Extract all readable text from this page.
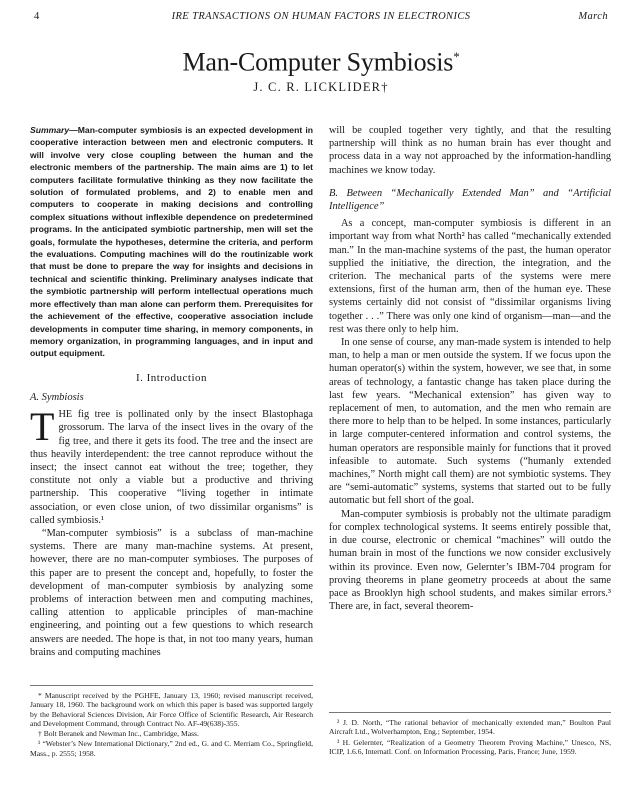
4	IRE TRANSACTIONS ON HUMAN FACTORS IN ELECTRONICS	March
Man-Computer Symbiosis*
J. C. R. LICKLIDER†

Summary—Man-computer symbiosis is an expected development in cooperative interaction between men and electronic computers. It will involve very close coupling between the human and the electronic members of the partnership. The main aims are 1) to let computers facilitate formulative thinking as they now facilitate the solution of formulated problems, and 2) to enable men and computers to cooperate in making decisions and controlling complex situations without inflexible dependence on predetermined programs. In the anticipated symbiotic partnership, men will set the goals, formulate the hypotheses, determine the criteria, and perform the evaluations. Computing machines will do the routinizable work that must be done to prepare the way for insights and decisions in technical and scientific thinking. Preliminary analyses indicate that the symbiotic partnership will perform intellectual operations much more effectively than man alone can perform them. Prerequisites for the achievement of the effective, cooperative association include developments in computer time sharing, in memory components, in memory organization, in programming languages, and in input and output equipment.

I. Introduction
A. Symbiosis

THE fig tree is pollinated only by the insect Blastophaga grossorum. The larva of the insect lives in the ovary of the fig tree, and there it gets its food. The tree and the insect are thus heavily interdependent: the tree cannot reproduce without the insect; the insect cannot eat without the tree; together, they constitute not only a viable but a productive and thriving partnership. This cooperative “living together in intimate association, or even close union, of two dissimilar organisms” is called symbiosis.¹

“Man-computer symbiosis” is a subclass of man-machine systems. There are many man-machine systems. At present, however, there are no man-computer symbioses. The purposes of this paper are to present the concept and, hopefully, to foster the development of man-computer symbiosis by analyzing some problems of interaction between men and computing machines, calling attention to applicable principles of man-machine engineering, and pointing out a few questions to which research answers are needed. The hope is that, in not too many years, human brains and computing machines

* Manuscript received by the PGHFE, January 13, 1960; revised manuscript received, January 18, 1960. The background work on which this paper is based was supported largely by the Behavioral Sciences Division, Air Force Office of Scientific Research, Air Research and Development Command, through Contract No. AF-49(638)-355.

† Bolt Beranek and Newman Inc., Cambridge, Mass.

¹ “Webster’s New International Dictionary,” 2nd ed., G. and C. Merriam Co., Springfield, Mass., p. 2555; 1958.

will be coupled together very tightly, and that the resulting partnership will think as no human brain has ever thought and process data in a way not approached by the information-handling machines we know today.

B. Between “Mechanically Extended Man” and “Artificial Intelligence”

As a concept, man-computer symbiosis is different in an important way from what North² has called “mechanically extended man.” In the man-machine systems of the past, the human operator supplied the initiative, the direction, the integration, and the criterion. The mechanical parts of the systems were mere extensions, first of the human arm, then of the human eye. These systems certainly did not consist of “dissimilar organisms living together . . .” There was only one kind of organism—man—and the rest was there only to help him.

In one sense of course, any man-made system is intended to help man, to help a man or men outside the system. If we focus upon the human operator(s) within the system, however, we see that, in some areas of technology, a fantastic change has taken place during the last few years. “Mechanical extension” has given way to replacement of men, to automation, and the men who remain are there more to help than to be helped. In some instances, particularly in large computer-centered information and control systems, the human operators are responsible mainly for functions that it proved infeasible to automate. Such systems (“humanly extended machines,” North might call them) are not symbiotic systems. They are “semi-automatic” systems, systems that started out to be fully automatic but fell short of the goal.

Man-computer symbiosis is probably not the ultimate paradigm for complex technological systems. It seems entirely possible that, in due course, electronic or chemical “machines” will outdo the human brain in most of the functions we now consider exclusively within its province. Even now, Gelernter’s IBM-704 program for proving theorems in plane geometry proceeds at about the same pace as Brooklyn high school students, and makes similar errors.³ There are, in fact, several theorem-

² J. D. North, “The rational behavior of mechanically extended man,” Boulton Paul Aircraft Ltd., Wolverhampton, Eng.; September, 1954.

³ H. Gelernter, “Realization of a Geometry Theorem Proving Machine,” Unesco, NS, ICIP, 1.6.6, Internatl. Conf. on Information Processing, Paris, France; June, 1959.
